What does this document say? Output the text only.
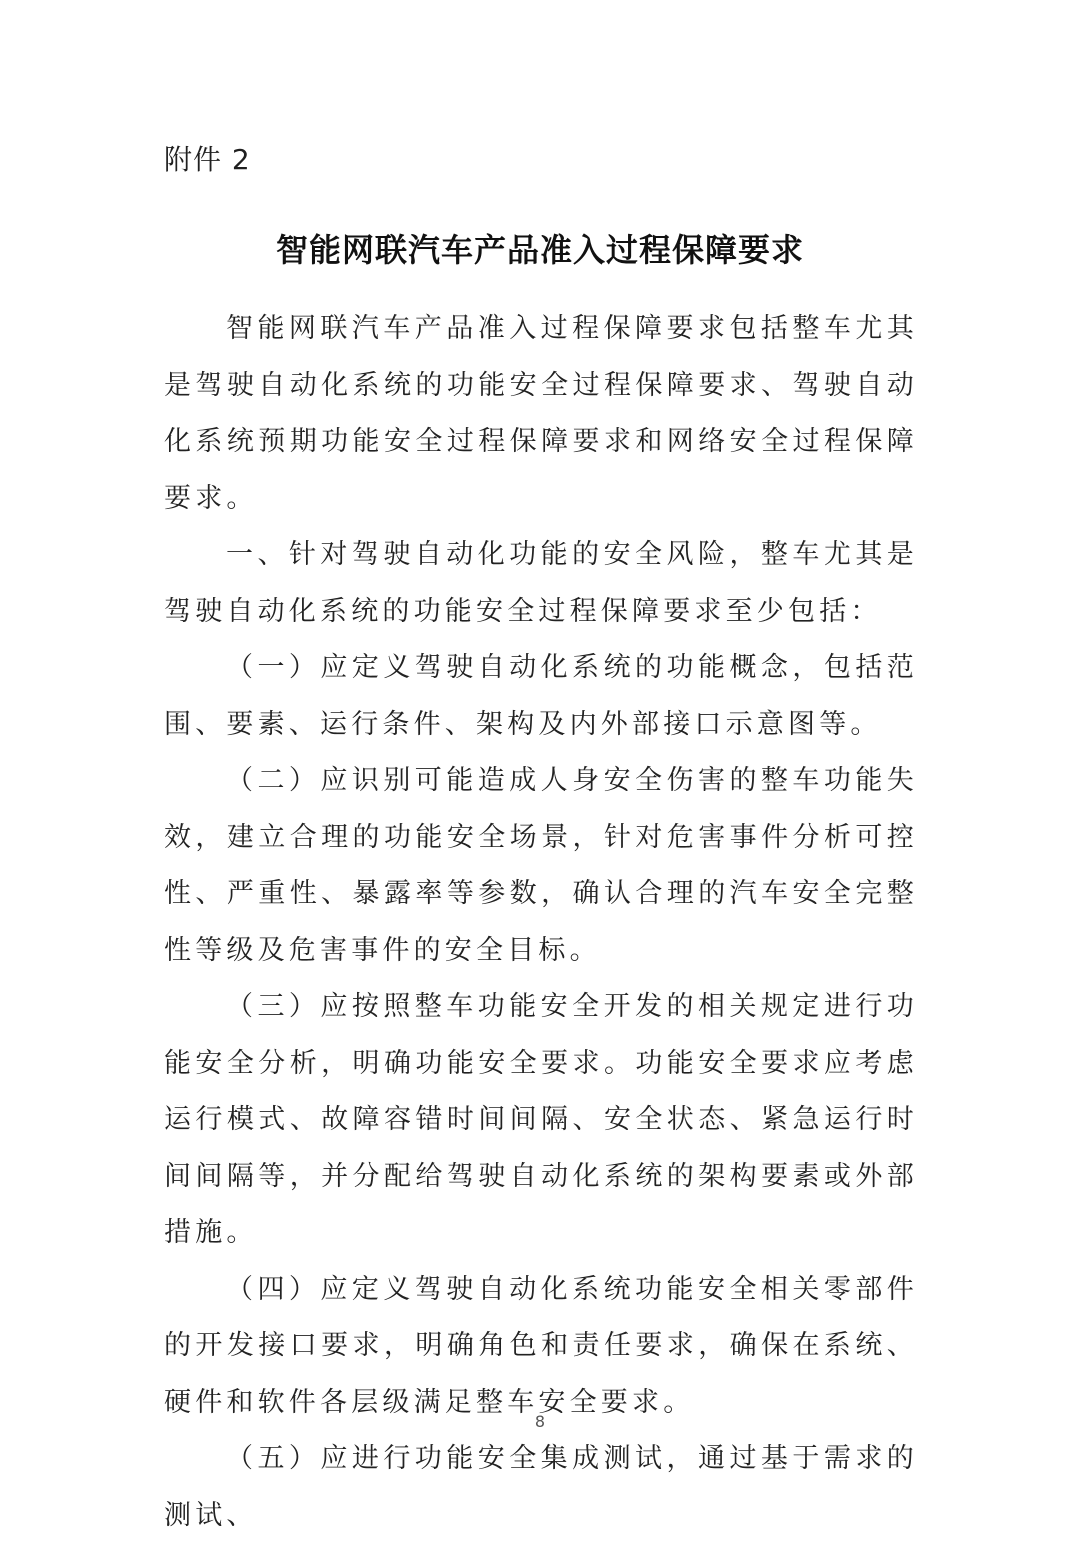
附件 2
智能网联汽车产品准入过程保障要求

智能网联汽车产品准入过程保障要求包括整车尤其是驾驶自动化系统的功能安全过程保障要求、驾驶自动化系统预期功能安全过程保障要求和网络安全过程保障要求。

一、针对驾驶自动化功能的安全风险，整车尤其是驾驶自动化系统的功能安全过程保障要求至少包括：

（一）应定义驾驶自动化系统的功能概念，包括范围、要素、运行条件、架构及内外部接口示意图等。

（二）应识别可能造成人身安全伤害的整车功能失效，建立合理的功能安全场景，针对危害事件分析可控性、严重性、暴露率等参数，确认合理的汽车安全完整性等级及危害事件的安全目标。

（三）应按照整车功能安全开发的相关规定进行功能安全分析，明确功能安全要求。功能安全要求应考虑运行模式、故障容错时间间隔、安全状态、紧急运行时间间隔等，并分配给驾驶自动化系统的架构要素或外部措施。

（四）应定义驾驶自动化系统功能安全相关零部件的开发接口要求，明确角色和责任要求，确保在系统、硬件和软件各层级满足整车安全要求。

（五）应进行功能安全集成测试，通过基于需求的测试、

8
